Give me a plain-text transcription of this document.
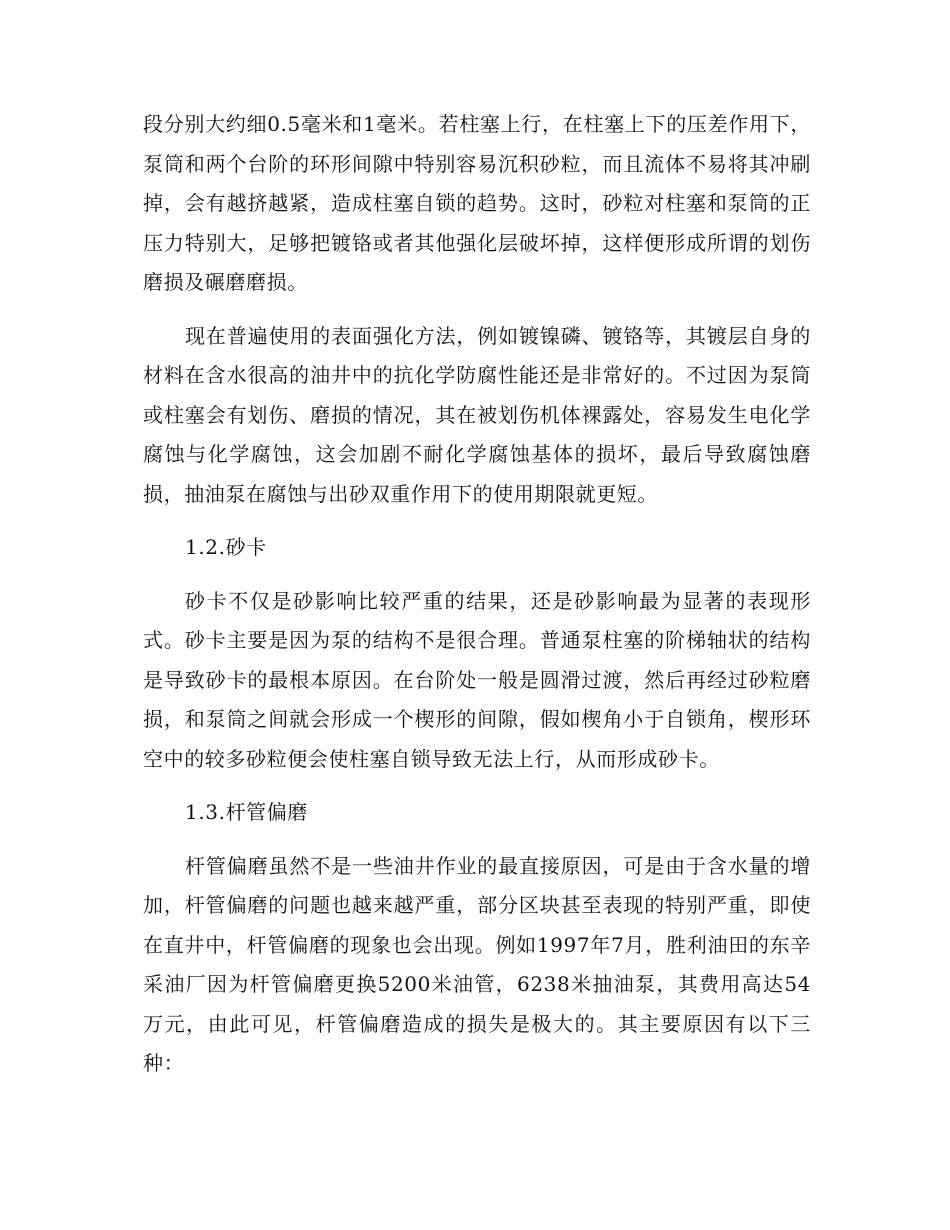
段分别大约细0.5毫米和1毫米。若柱塞上行，在柱塞上下的压差作用下，泵筒和两个台阶的环形间隙中特别容易沉积砂粒，而且流体不易将其冲刷掉，会有越挤越紧，造成柱塞自锁的趋势。这时，砂粒对柱塞和泵筒的正压力特别大，足够把镀铬或者其他强化层破坏掉，这样便形成所谓的划伤磨损及碾磨磨损。

现在普遍使用的表面强化方法，例如镀镍磷、镀铬等，其镀层自身的材料在含水很高的油井中的抗化学防腐性能还是非常好的。不过因为泵筒或柱塞会有划伤、磨损的情况，其在被划伤机体裸露处，容易发生电化学腐蚀与化学腐蚀，这会加剧不耐化学腐蚀基体的损坏，最后导致腐蚀磨损，抽油泵在腐蚀与出砂双重作用下的使用期限就更短。

1.2.砂卡

砂卡不仅是砂影响比较严重的结果，还是砂影响最为显著的表现形式。砂卡主要是因为泵的结构不是很合理。普通泵柱塞的阶梯轴状的结构是导致砂卡的最根本原因。在台阶处一般是圆滑过渡，然后再经过砂粒磨损，和泵筒之间就会形成一个楔形的间隙，假如楔角小于自锁角，楔形环空中的较多砂粒便会使柱塞自锁导致无法上行，从而形成砂卡。

1.3.杆管偏磨

杆管偏磨虽然不是一些油井作业的最直接原因，可是由于含水量的增加，杆管偏磨的问题也越来越严重，部分区块甚至表现的特别严重，即使在直井中，杆管偏磨的现象也会出现。例如1997年7月，胜利油田的东辛采油厂因为杆管偏磨更换5200米油管，6238米抽油泵，其费用高达54万元，由此可见，杆管偏磨造成的损失是极大的。其主要原因有以下三种：
